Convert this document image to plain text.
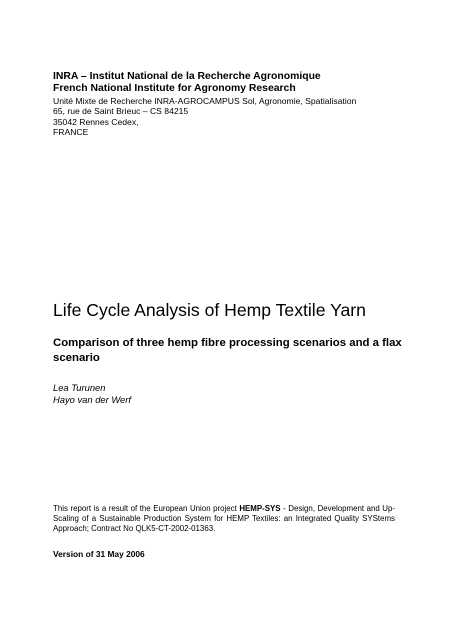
INRA – Institut National de la Recherche Agronomique
French National Institute for Agronomy Research
Unité Mixte de Recherche INRA-AGROCAMPUS Sol, Agronomie, Spatialisation
65, rue de Saint Brieuc – CS 84215
35042 Rennes Cedex,
FRANCE
Life Cycle Analysis of Hemp Textile Yarn
Comparison of three hemp fibre processing scenarios and a flax scenario
Lea Turunen
Hayo van der Werf
This report is a result of the European Union project HEMP-SYS - Design, Development and Up-Scaling of a Sustainable Production System for HEMP Textiles: an Integrated Quality SYStems Approach; Contract No QLK5-CT-2002-01363.
Version of 31 May 2006
